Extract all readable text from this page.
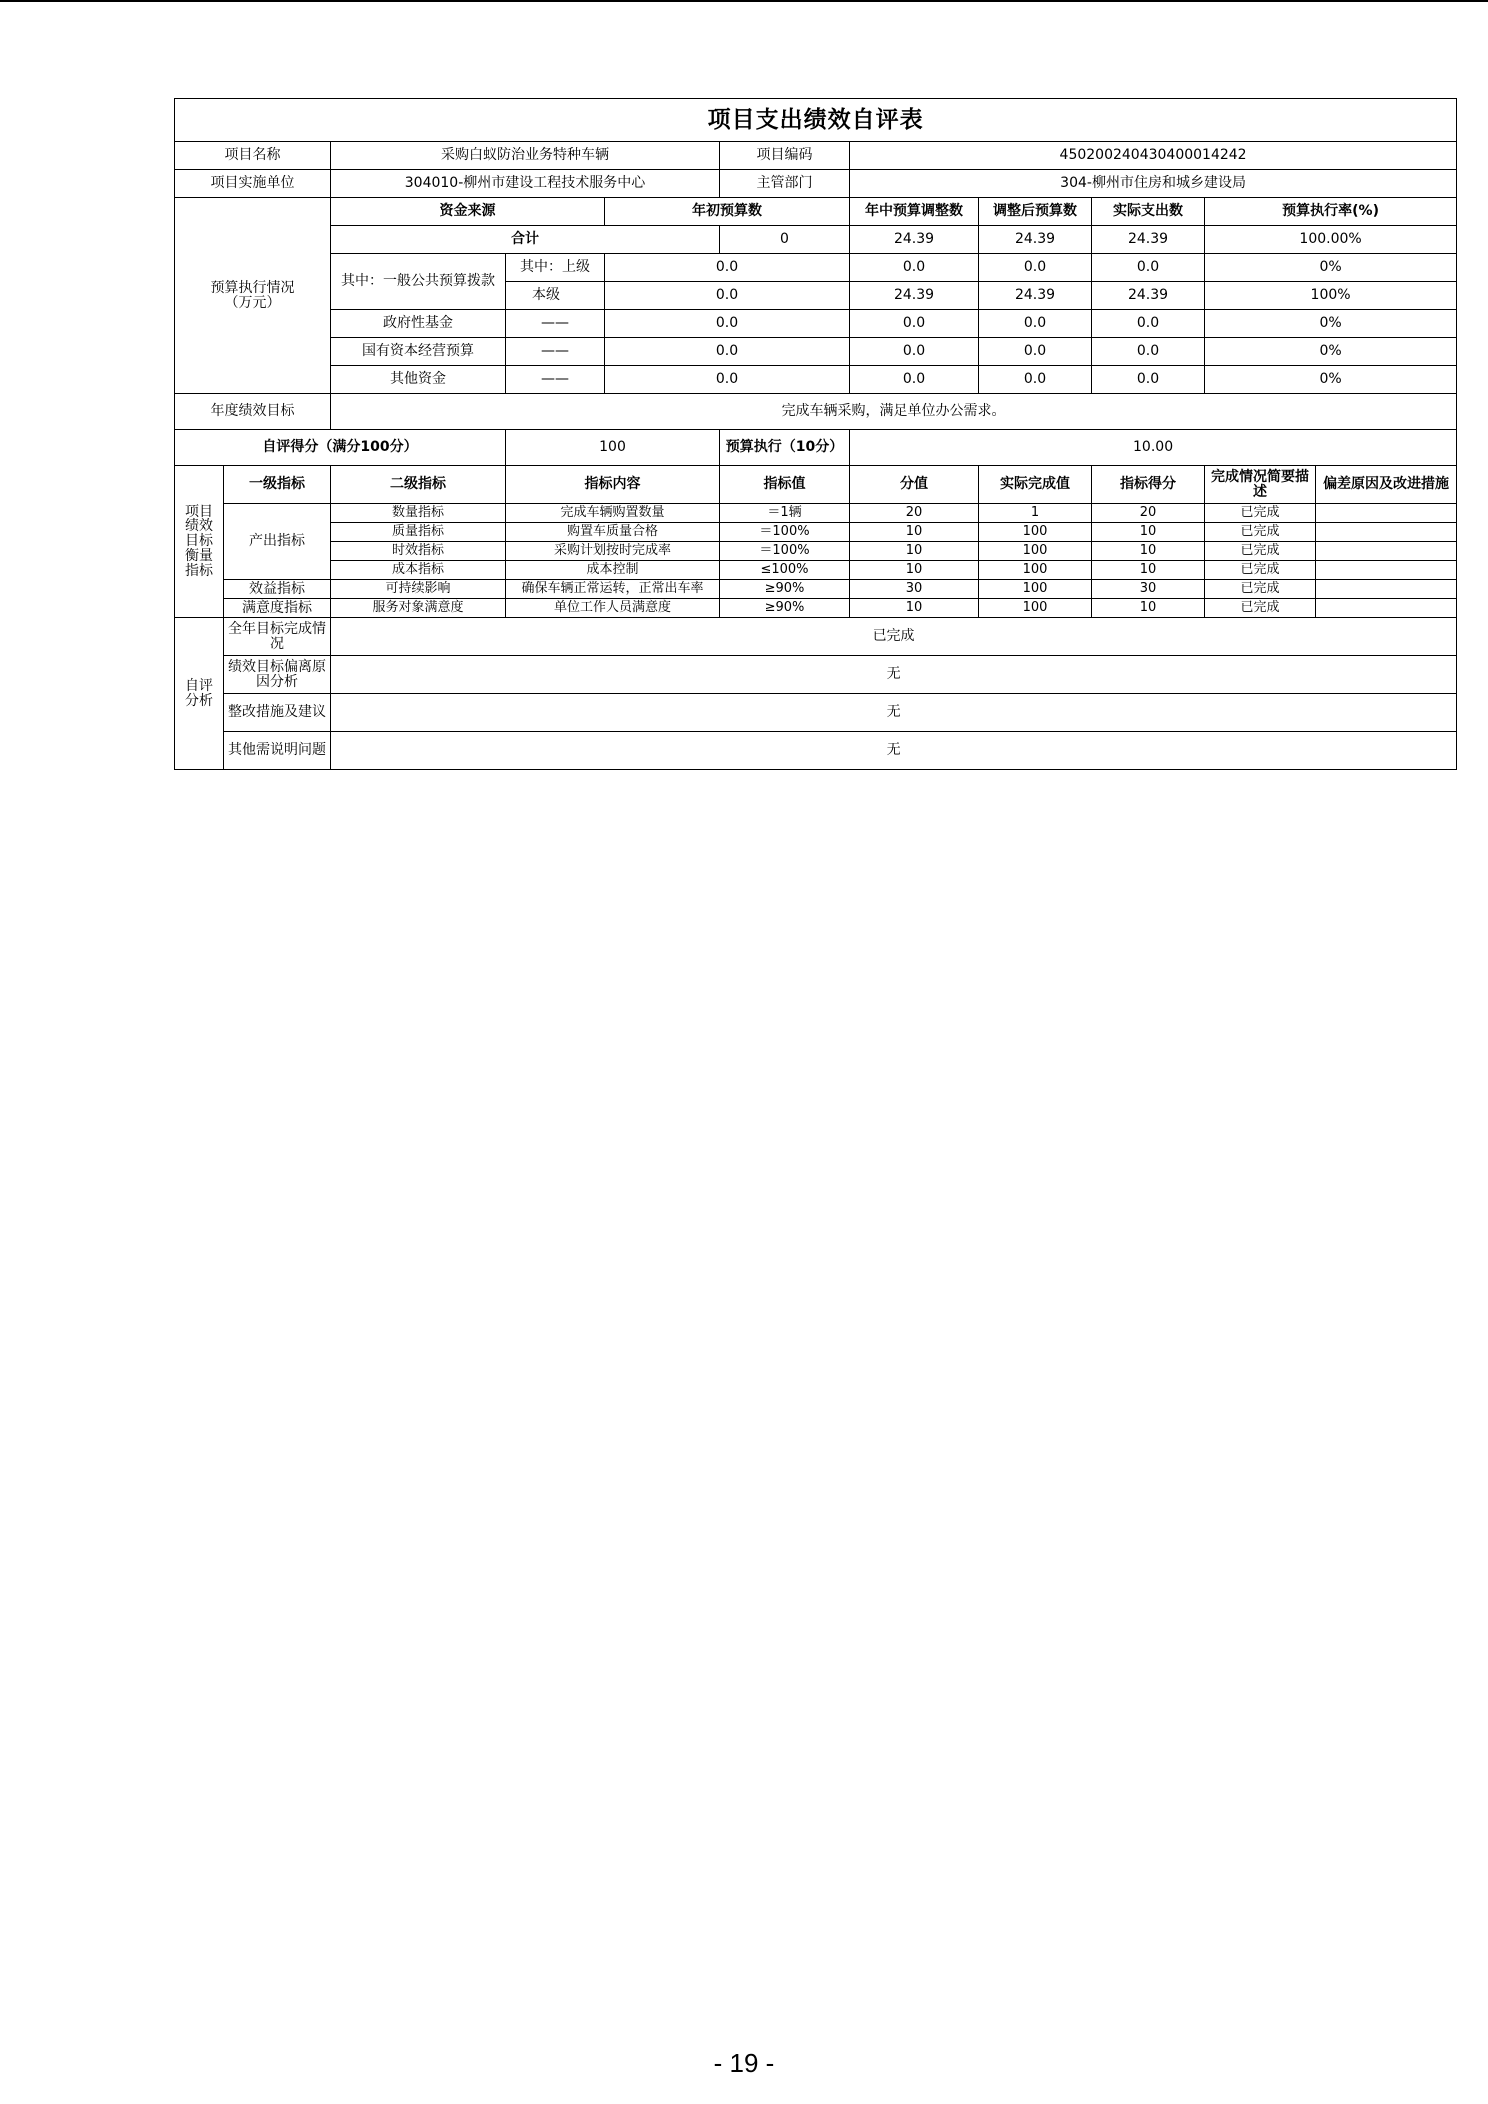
项目支出绩效自评表										
项目名称		采购白蚁防治业务特种车辆			项目编码	450200240430400014242				
项目实施单位		304010-柳州市建设工程技术服务中心			主管部门	304-柳州市住房和城乡建设局				
预算执行情况（万元）		资金来源		年初预算数		年中预算调整数	调整后预算数	实际支出数	预算执行率(%)	
		合计			0	24.39	24.39	24.39	100.00%	
		其中：一般公共预算拨款	其中：上级	0.0		0.0	0.0	0.0	0%	
			本级	0.0		24.39	24.39	24.39	100%	
		政府性基金	——	0.0		0.0	0.0	0.0	0%	
		国有资本经营预算	——	0.0		0.0	0.0	0.0	0%	
		其他资金	——	0.0		0.0	0.0	0.0	0%	
年度绩效目标		完成车辆采购，满足单位办公需求。								
自评得分（满分100分）			100		预算执行（10分）	10.00				
项目绩效目标衡量指标	一级指标	二级指标	指标内容		指标值	分值	实际完成值	指标得分	完成情况简要描述	偏差原因及改进措施
	产出指标	数量指标	完成车辆购置数量		＝1辆	20	1	20	已完成	
		质量指标	购置车质量合格		＝100%	10	100	10	已完成	
		时效指标	采购计划按时完成率		＝100%	10	100	10	已完成	
		成本指标	成本控制		≤100%	10	100	10	已完成	
	效益指标	可持续影响	确保车辆正常运转，正常出车率		≥90%	30	100	30	已完成	
	满意度指标	服务对象满意度	单位工作人员满意度		≥90%	10	100	10	已完成	
自评分析	全年目标完成情况	已完成								
	绩效目标偏离原因分析	无								
	整改措施及建议	无								
	其他需说明问题	无								
- 19 -
